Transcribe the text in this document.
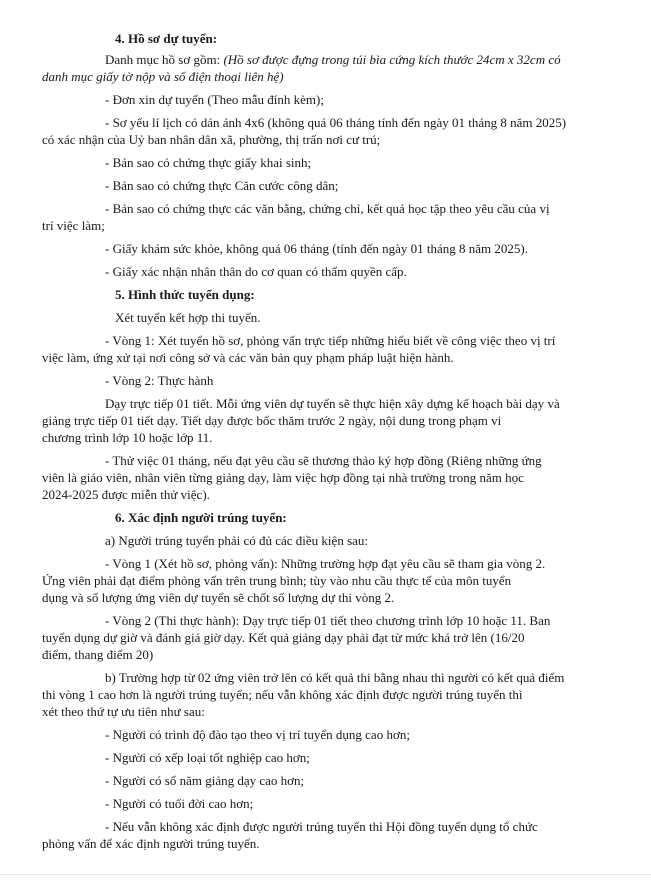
4. Hồ sơ dự tuyển:

Danh mục hồ sơ gồm: (Hồ sơ được đựng trong túi bìa cứng kích thước 24cm x 32cm có

danh mục giấy tờ nộp và số điện thoại liên hệ)

- Đơn xin dự tuyển (Theo mẫu đính kèm);

- Sơ yếu lí lịch có dán ảnh 4x6 (không quá 06 tháng tính đến ngày 01 tháng 8 năm 2025)

có xác nhận của Uỷ ban nhân dân xã, phường, thị trấn nơi cư trú;

- Bản sao có chứng thực giấy khai sinh;

- Bản sao có chứng thực Căn cước công dân;

- Bản sao có chứng thực các văn bằng, chứng chỉ, kết quả học tập theo yêu cầu của vị

trí việc làm;

- Giấy khám sức khỏe, không quá 06 tháng (tính đến ngày 01 tháng 8 năm 2025).

- Giấy xác nhận nhân thân do cơ quan có thẩm quyền cấp.

5. Hình thức tuyển dụng:

Xét tuyển kết hợp thi tuyển.

- Vòng 1: Xét tuyển hồ sơ, phỏng vấn trực tiếp những hiểu biết về công việc theo vị trí

việc làm, ứng xử tại nơi công sở và các văn bản quy phạm pháp luật hiện hành.

- Vòng 2: Thực hành

Dạy trực tiếp 01 tiết. Mỗi ứng viên dự tuyển sẽ thực hiện xây dựng kế hoạch bài dạy và

giảng trực tiếp 01 tiết dạy. Tiết dạy được bốc thăm trước 2 ngày, nội dung trong phạm vi

chương trình lớp 10 hoặc lớp 11.

- Thử việc 01 tháng, nếu đạt yêu cầu sẽ thương thảo ký hợp đồng (Riêng những ứng

viên là giáo viên, nhân viên từng giảng dạy, làm việc hợp đồng tại nhà trường trong năm học

2024-2025 được miễn thử việc).

6. Xác định người trúng tuyển:

a) Người trúng tuyển phải có đủ các điều kiện sau:

- Vòng 1 (Xét hồ sơ, phỏng vấn): Những trường hợp đạt yêu cầu sẽ tham gia vòng 2.

Ứng viên phải đạt điểm phỏng vấn trên trung bình; tùy vào nhu cầu thực tế của môn tuyển

dụng và số lượng ứng viên dự tuyển sẽ chốt số lượng dự thi vòng 2.

- Vòng 2 (Thi thực hành): Dạy trực tiếp 01 tiết theo chương trình lớp 10 hoặc 11. Ban

tuyển dụng dự giờ và đánh giá giờ dạy. Kết quả giảng dạy phải đạt từ mức khá trở lên (16/20

điểm, thang điểm 20)

b) Trường hợp từ 02 ứng viên trở lên có kết quả thi bằng nhau thì người có kết quả điểm

thi vòng 1 cao hơn là người trúng tuyển; nếu vẫn không xác định được người trúng tuyển thì

xét theo thứ tự ưu tiên như sau:

- Người có trình độ đào tạo theo vị trí tuyển dụng cao hơn;

- Người có xếp loại tốt nghiệp cao hơn;

- Người có số năm giảng dạy cao hơn;

- Người có tuổi đời cao hơn;

- Nếu vẫn không xác định được người trúng tuyển thì Hội đồng tuyển dụng tổ chức

phỏng vấn để xác định người trúng tuyển.
